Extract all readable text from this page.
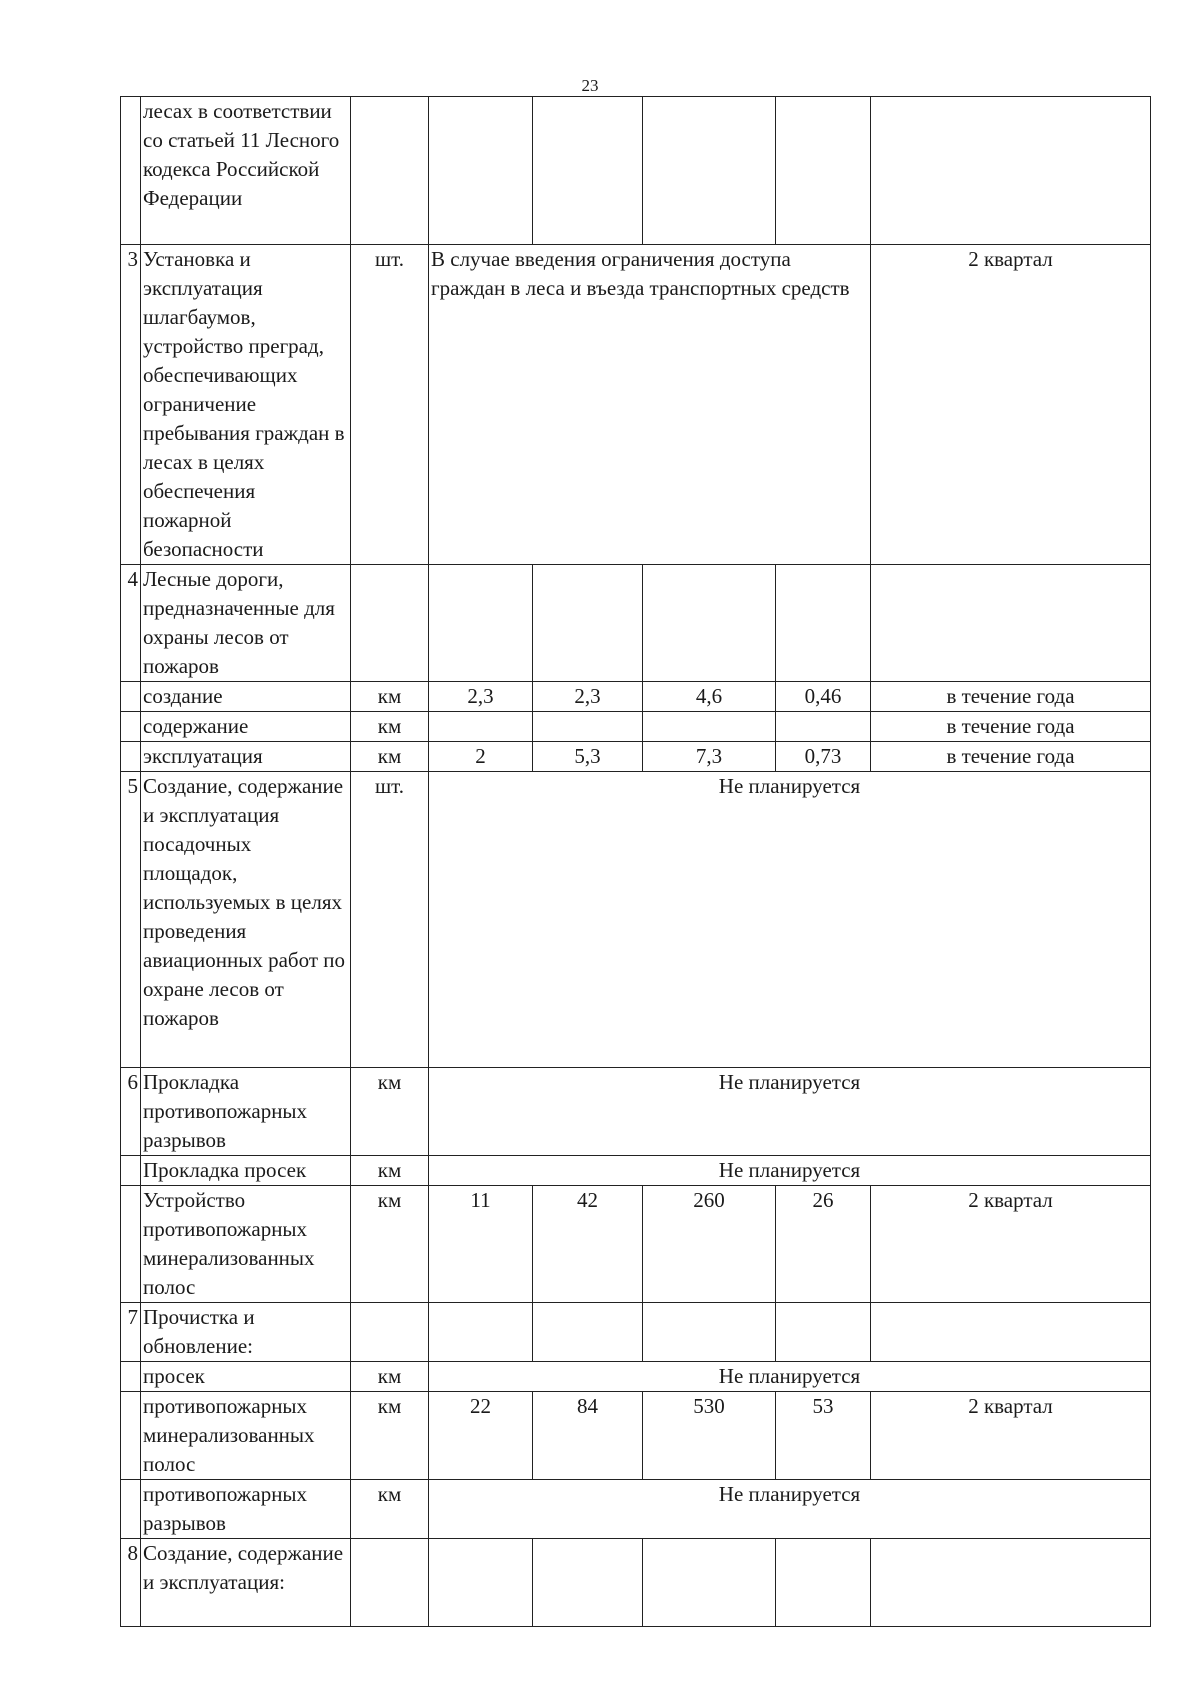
23
	лесах в соответствии со статьей 11 Лесного кодекса Российской Федерации						
3	Установка и эксплуатация шлагбаумов, устройство преград, обеспечивающих ограничение пребывания граждан в лесах в целях обеспечения пожарной безопасности	шт.	В случае введения ограничения доступа граждан в леса и въезда транспортных средств				2 квартал
4	Лесные дороги, предназначенные для охраны лесов от пожаров						
	создание	км	2,3	2,3	4,6	0,46	в течение года
	содержание	км					в течение года
	эксплуатация	км	2	5,3	7,3	0,73	в течение года
5	Создание, содержание и эксплуатация посадочных площадок, используемых в целях проведения авиационных работ по охране лесов от пожаров	шт.	Не планируется				
6	Прокладка противопожарных разрывов	км	Не планируется				
	Прокладка просек	км	Не планируется				
	Устройство противопожарных минерализованных полос	км	11	42	260	26	2 квартал
7	Прочистка и обновление:						
	просек	км	Не планируется				
	противопожарных минерализованных полос	км	22	84	530	53	2 квартал
	противопожарных разрывов	км	Не планируется				
8	Создание, содержание и эксплуатация:						
